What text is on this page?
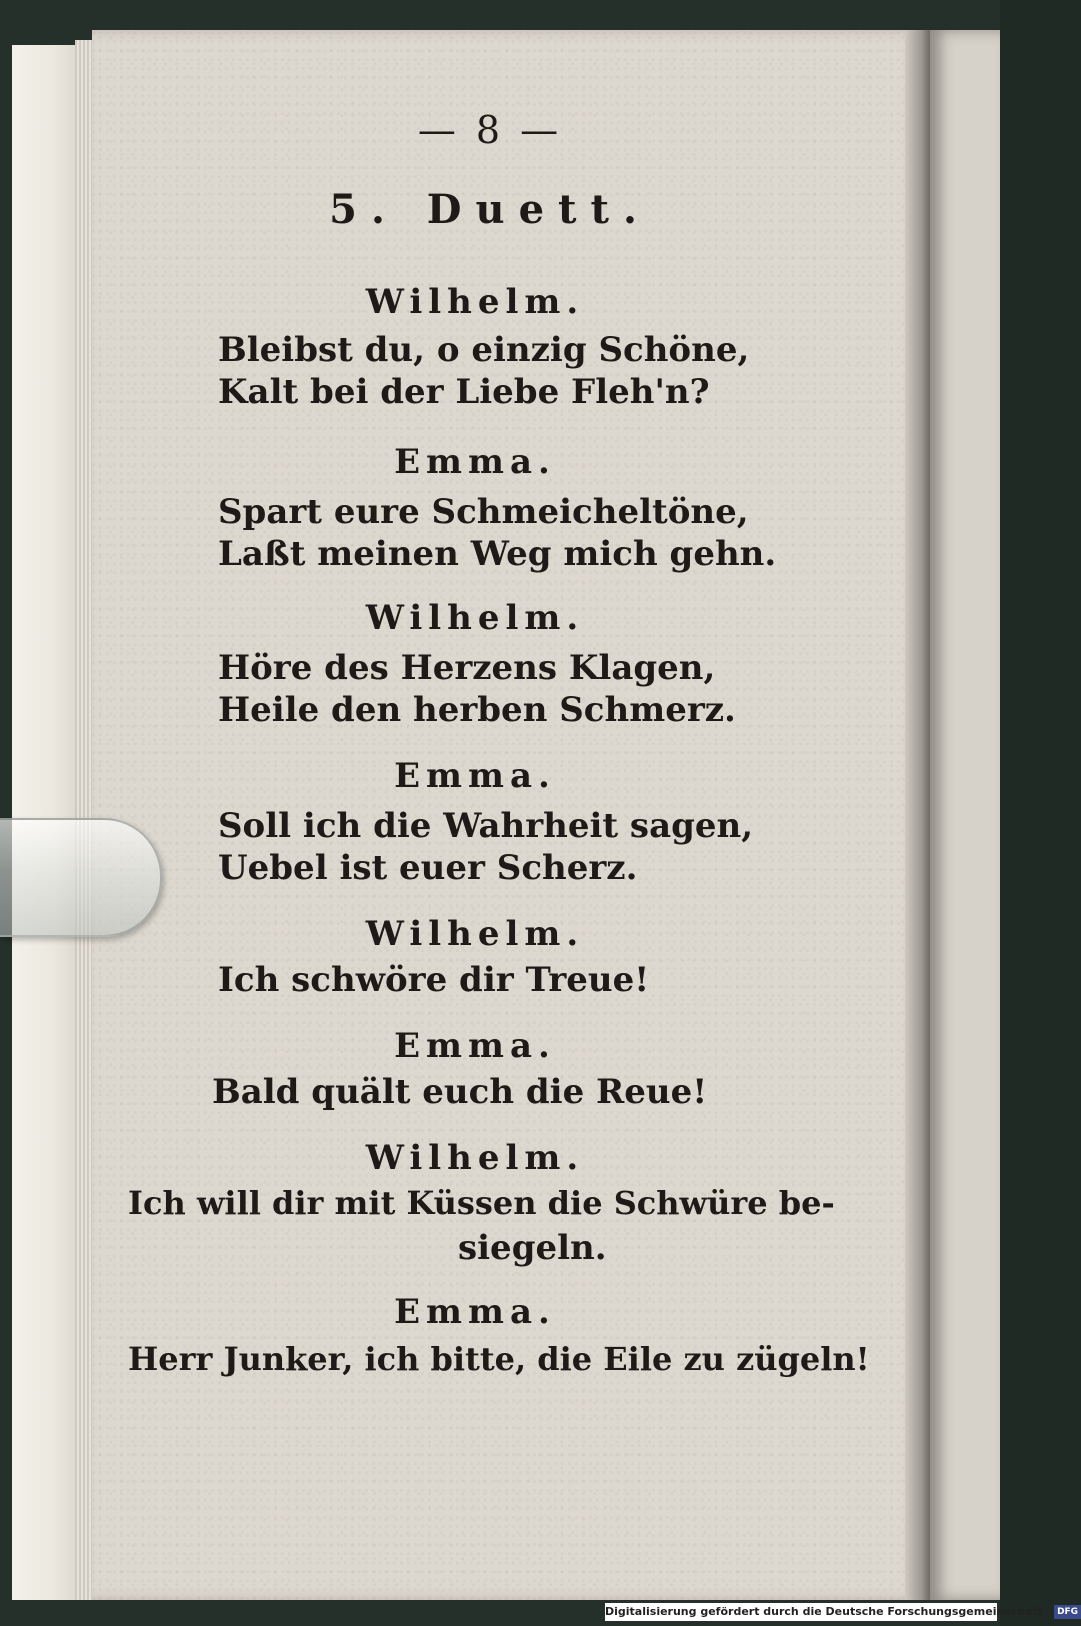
— 8 —

5. Duett.

Wilhelm.

Bleibst du, o einzig Schöne,

Kalt bei der Liebe Fleh'n?

Emma.

Spart eure Schmeicheltöne,

Laßt meinen Weg mich gehn.

Wilhelm.

Höre des Herzens Klagen,

Heile den herben Schmerz.

Emma.

Soll ich die Wahrheit sagen,

Uebel ist euer Scherz.

Wilhelm.

Ich schwöre dir Treue!

Emma.

Bald quält euch die Reue!

Wilhelm.

Ich will dir mit Küssen die Schwüre be-

siegeln.

Emma.

Herr Junker, ich bitte, die Eile zu zügeln!

Digitalisierung gefördert durch die Deutsche Forschungsgemeinschaft - DFG
